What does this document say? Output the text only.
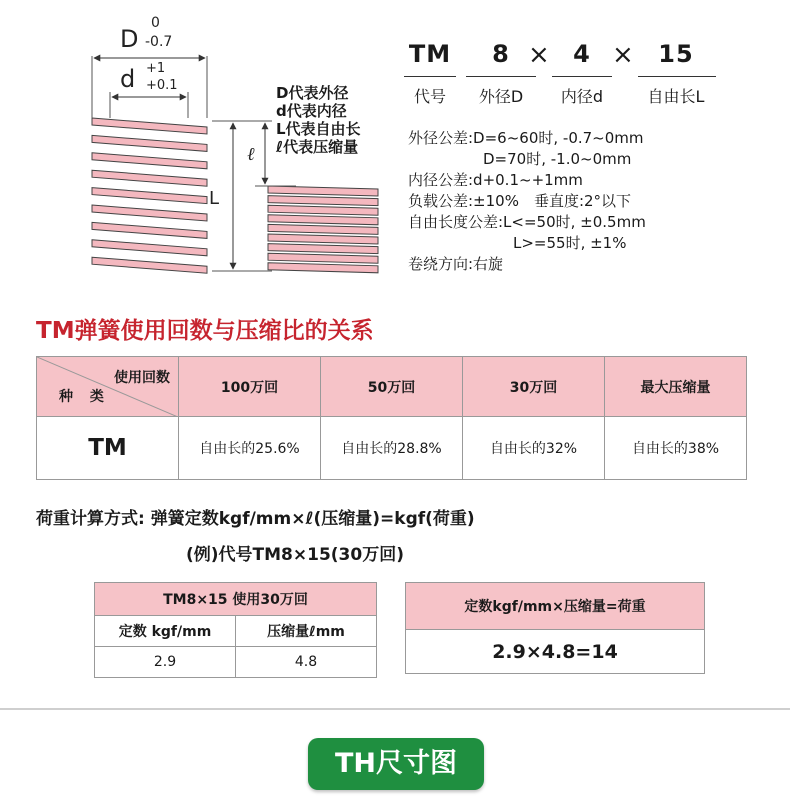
D
0
-0.7
d +1
+0.1
L
ℓ
TM	8	4	15
× ×
代号	外径D	内径d	自由长L
D代表外径
d代表内径
L代表自由长
ℓ代表压缩量	外径公差:D=6~60时, -0.7~0mm
　　　　　D=70时, -1.0~0mm
内径公差:d+0.1~+1mm
负载公差:±10%　垂直度:2°以下
自由长度公差:L<=50时, ±0.5mm
　　　　　　　L>=55时, ±1%
卷绕方向:右旋
TM弹簧使用回数与压缩比的关系
使用回数
种 类	100万回	50万回	30万回	最大压缩量
TM	自由长的25.6%	自由长的28.8%	自由长的32%	自由长的38%
荷重计算方式: 弹簧定数kgf/mm×ℓ(压缩量)=kgf(荷重)
(例)代号TM8×15(30万回)
TM8×15 使用30万回	
定数 kgf/mm	压缩量ℓmm
2.9	4.8
定数kgf/mm×压缩量=荷重
2.9×4.8=14
TH尺寸图
